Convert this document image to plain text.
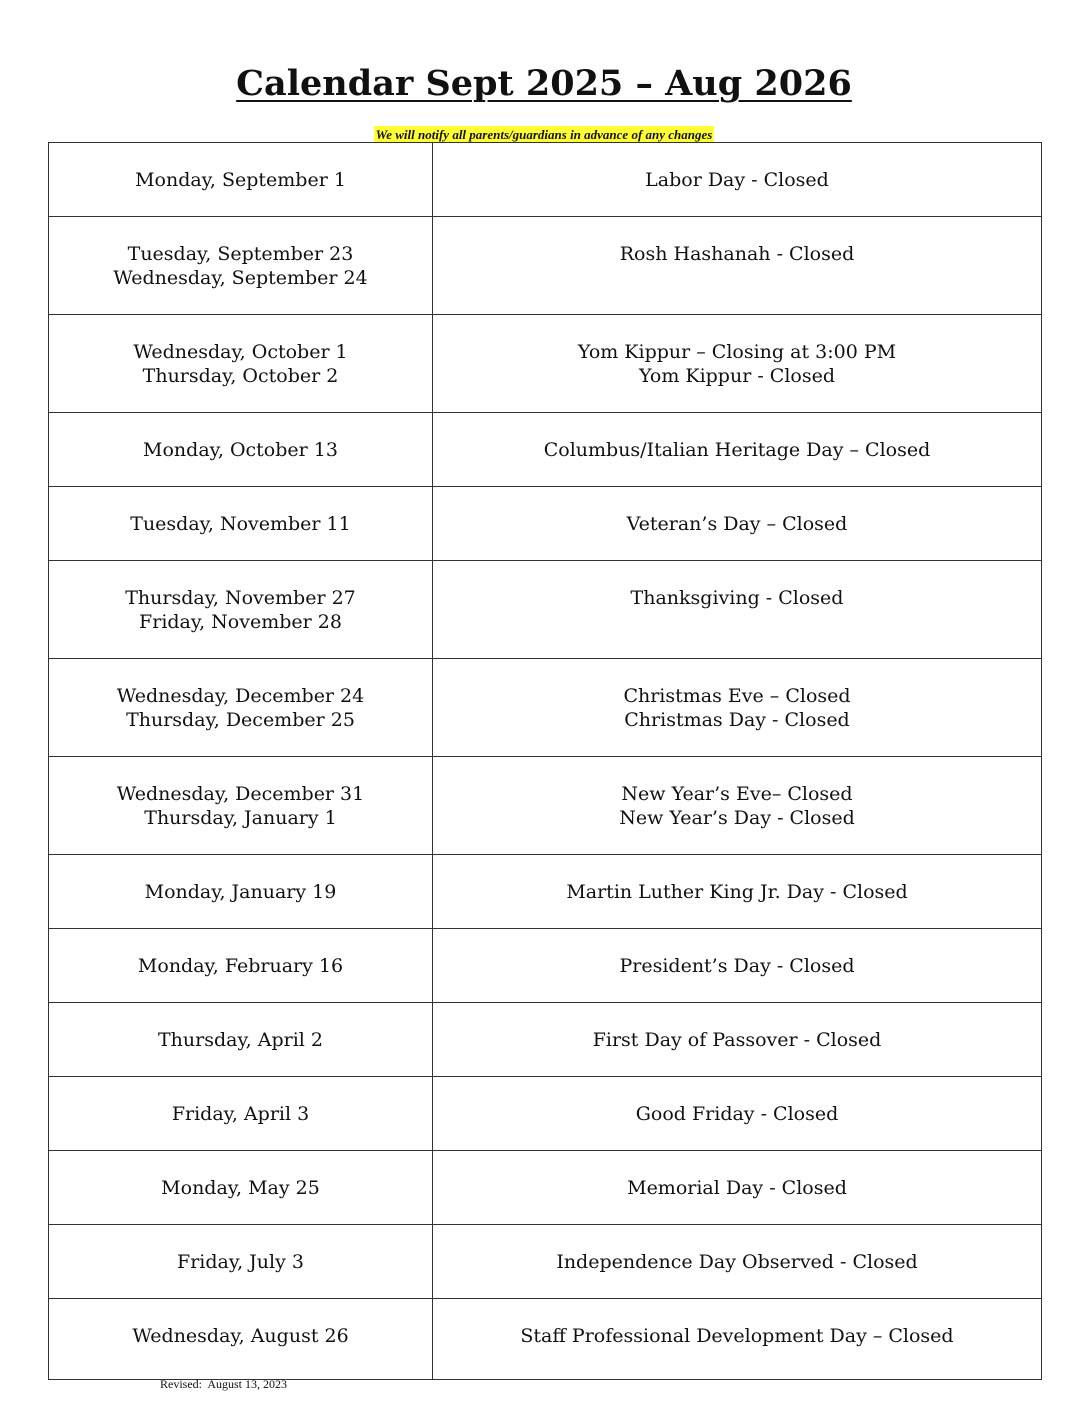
Calendar Sept 2025 – Aug 2026
We will notify all parents/guardians in advance of any changes
Monday, September 1	Labor Day - Closed

Tuesday, September 23
Wednesday, September 24	Rosh Hashanah - Closed

Wednesday, October 1
Thursday, October 2	Yom Kippur – Closing at 3:00 PM
Yom Kippur - Closed

Monday, October 13	Columbus/Italian Heritage Day – Closed

Tuesday, November 11	Veteran’s Day – Closed

Thursday, November 27
Friday, November 28	Thanksgiving - Closed

Wednesday, December 24
Thursday, December 25	Christmas Eve – Closed
Christmas Day - Closed

Wednesday, December 31
Thursday, January 1	New Year’s Eve– Closed
New Year’s Day - Closed

Monday, January 19	Martin Luther King Jr. Day - Closed

Monday, February 16	President’s Day - Closed

Thursday, April 2	First Day of Passover - Closed

Friday, April 3	Good Friday - Closed

Monday, May 25	Memorial Day - Closed

Friday, July 3	Independence Day Observed - Closed

Wednesday, August 26	Staff Professional Development Day – Closed
Revised:  August 13, 2023
